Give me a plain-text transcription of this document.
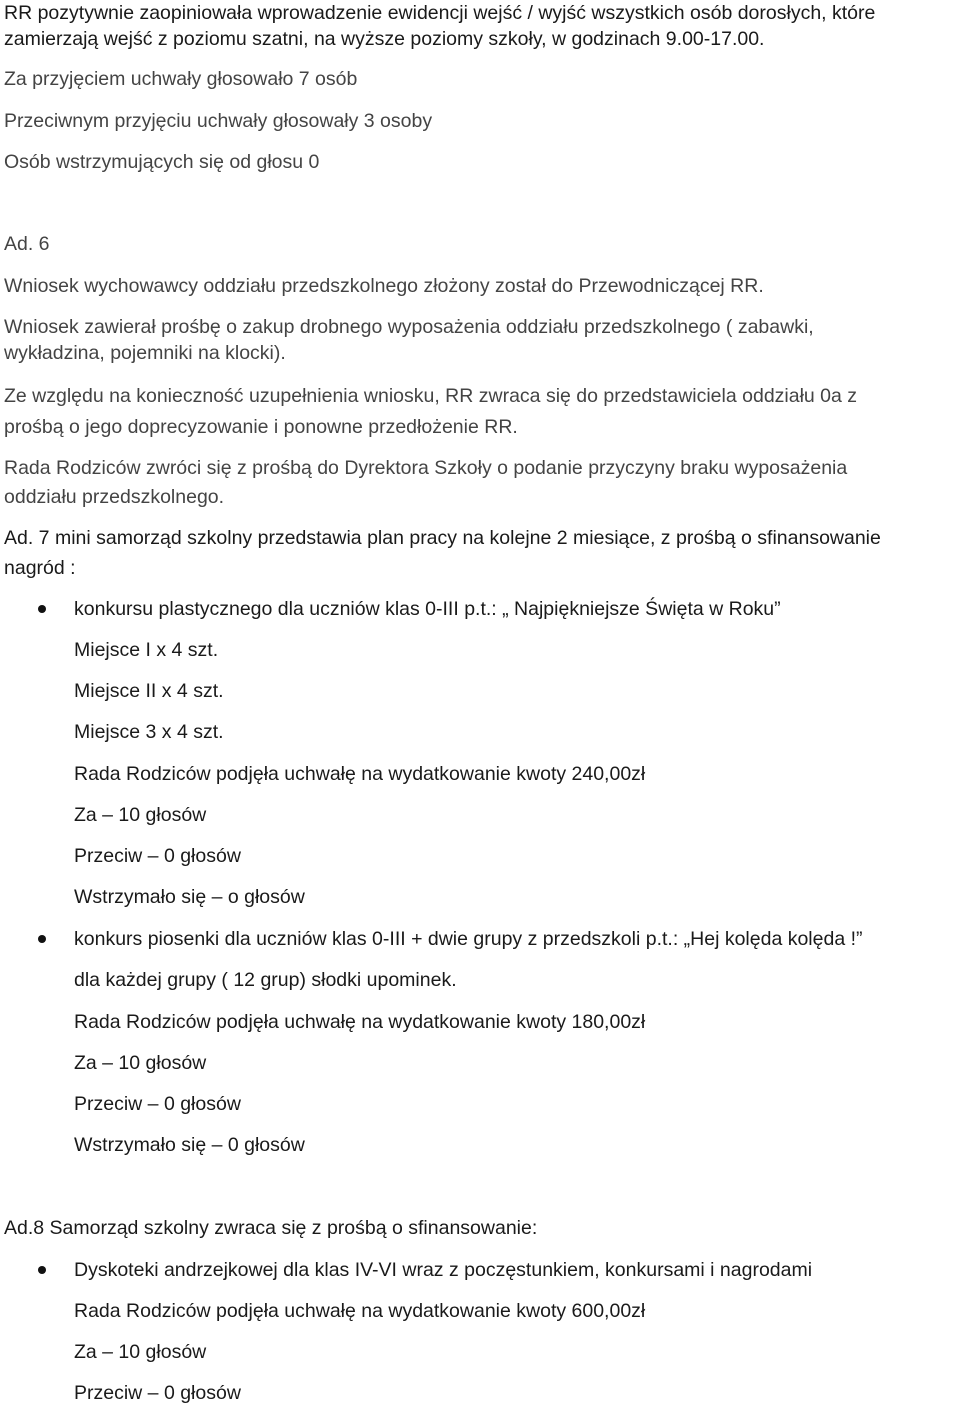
RR pozytywnie zaopiniowała wprowadzenie ewidencji wejść / wyjść wszystkich osób dorosłych, które
zamierzają wejść z poziomu szatni, na wyższe poziomy szkoły, w godzinach 9.00-17.00.
Za przyjęciem uchwały głosowało 7 osób
Przeciwnym przyjęciu uchwały głosowały 3 osoby
Osób wstrzymujących się od głosu 0
Ad. 6
Wniosek wychowawcy oddziału przedszkolnego złożony został do Przewodniczącej RR.
Wniosek zawierał prośbę o zakup drobnego wyposażenia oddziału przedszkolnego ( zabawki,
wykładzina, pojemniki na klocki).
Ze względu na konieczność uzupełnienia wniosku, RR zwraca się do przedstawiciela oddziału 0a z
prośbą o jego doprecyzowanie i ponowne przedłożenie RR.
Rada Rodziców zwróci się z prośbą do Dyrektora Szkoły o podanie przyczyny braku wyposażenia
oddziału przedszkolnego.
Ad. 7 mini samorząd szkolny przedstawia plan pracy na kolejne 2 miesiące, z prośbą o sfinansowanie
nagród :
konkursu plastycznego dla uczniów klas 0-III p.t.: „ Najpiękniejsze Święta w Roku”
Miejsce I x 4 szt.
Miejsce II x 4 szt.
Miejsce 3 x 4 szt.
Rada Rodziców podjęła uchwałę na wydatkowanie kwoty 240,00zł
Za – 10 głosów
Przeciw – 0 głosów
Wstrzymało się – o głosów
konkurs piosenki dla uczniów klas 0-III + dwie grupy z przedszkoli p.t.: „Hej kolęda kolęda !”
dla każdej grupy ( 12 grup) słodki upominek.
Rada Rodziców podjęła uchwałę na wydatkowanie kwoty 180,00zł
Za – 10 głosów
Przeciw – 0 głosów
Wstrzymało się – 0 głosów
Ad.8 Samorząd szkolny zwraca się z prośbą o sfinansowanie:
Dyskoteki andrzejkowej dla klas IV-VI wraz z poczęstunkiem, konkursami i nagrodami
Rada Rodziców podjęła uchwałę na wydatkowanie kwoty 600,00zł
Za – 10 głosów
Przeciw – 0 głosów
